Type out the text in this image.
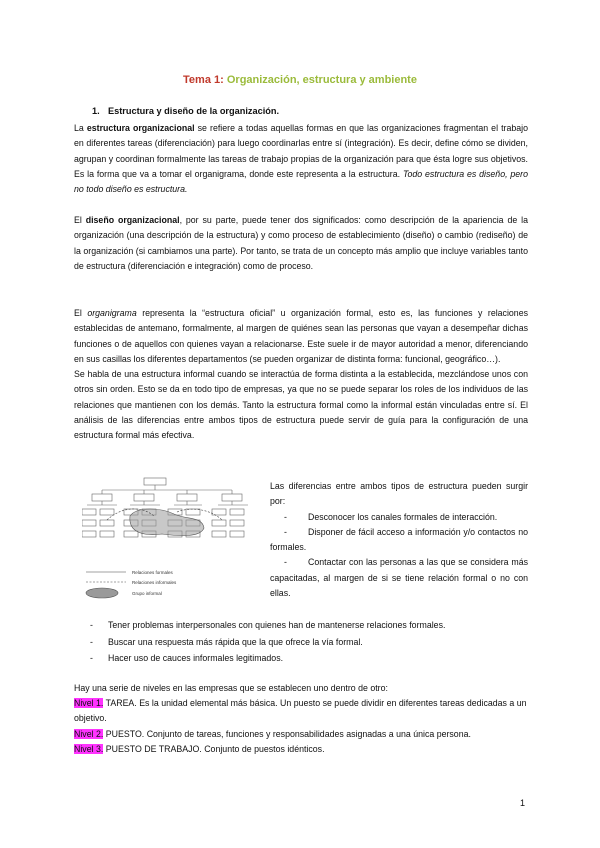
Tema 1: Organización, estructura y ambiente
1. Estructura y diseño de la organización.
La estructura organizacional se refiere a todas aquellas formas en que las organizaciones fragmentan el trabajo en diferentes tareas (diferenciación) para luego coordinarlas entre sí (integración). Es decir, define cómo se dividen, agrupan y coordinan formalmente las tareas de trabajo propias de la organización para que ésta logre sus objetivos. Es la forma que va a tomar el organigrama, donde este representa a la estructura. Todo estructura es diseño, pero no todo diseño es estructura.
El diseño organizacional, por su parte, puede tener dos significados: como descripción de la apariencia de la organización (una descripción de la estructura) y como proceso de establecimiento (diseño) o cambio (rediseño) de la organización (si cambiamos una parte). Por tanto, se trata de un concepto más amplio que incluye variables tanto de estructura (diferenciación e integración) como de proceso.
El organigrama representa la “estructura oficial” u organización formal, esto es, las funciones y relaciones establecidas de antemano, formalmente, al margen de quiénes sean las personas que vayan a desempeñar dichas funciones o de aquellos con quienes vayan a relacionarse. Este suele ir de mayor autoridad a menor, diferenciando en sus casillas los diferentes departamentos (se pueden organizar de distinta forma: funcional, geográfico…).
Se habla de una estructura informal cuando se interactúa de forma distinta a la establecida, mezclándose unos con otros sin orden. Esto se da en todo tipo de empresas, ya que no se puede separar los roles de los individuos de las relaciones que mantienen con los demás. Tanto la estructura formal como la informal están vinculadas entre sí. El análisis de las diferencias entre ambos tipos de estructura puede servir de guía para la configuración de una estructura formal más efectiva.
Relaciones formales
Relaciones informales
Grupo informal
Las diferencias entre ambos tipos de estructura pueden surgir por:
- Desconocer los canales formales de interacción.
- Disponer de fácil acceso a información y/o contactos no formales.
- Contactar con las personas a las que se considera más capacitadas, al margen de si se tiene relación formal o no con ellas.
- Tener problemas interpersonales con quienes han de mantenerse relaciones formales.
- Buscar una respuesta más rápida que la que ofrece la vía formal.
- Hacer uso de cauces informales legitimados.
Hay una serie de niveles en las empresas que se establecen uno dentro de otro:
Nivel 1. TAREA. Es la unidad elemental más básica. Un puesto se puede dividir en diferentes tareas dedicadas a un objetivo.
Nivel 2. PUESTO. Conjunto de tareas, funciones y responsabilidades asignadas a una única persona.
Nivel 3. PUESTO DE TRABAJO. Conjunto de puestos idénticos.
1
